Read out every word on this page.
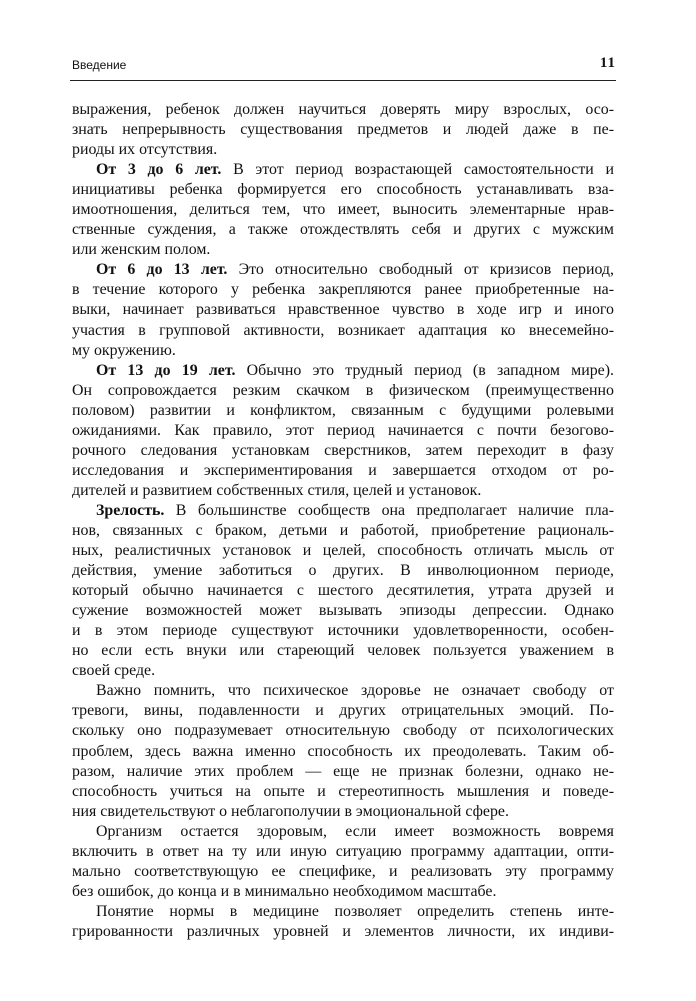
Введение	11
выражения, ребенок должен научиться доверять миру взрослых, осо-
знать непрерывность существования предметов и людей даже в пе-
риоды их отсутствия.
От 3 до 6 лет. В этот период возрастающей самостоятельности и
инициативы ребенка формируется его способность устанавливать вза-
имоотношения, делиться тем, что имеет, выносить элементарные нрав-
ственные суждения, а также отождествлять себя и других с мужским
или женским полом.
От 6 до 13 лет. Это относительно свободный от кризисов период,
в течение которого у ребенка закрепляются ранее приобретенные на-
выки, начинает развиваться нравственное чувство в ходе игр и иного
участия в групповой активности, возникает адаптация ко внесемейно-
му окружению.
От 13 до 19 лет. Обычно это трудный период (в западном мире).
Он сопровождается резким скачком в физическом (преимущественно
половом) развитии и конфликтом, связанным с будущими ролевыми
ожиданиями. Как правило, этот период начинается с почти безогово-
рочного следования установкам сверстников, затем переходит в фазу
исследования и экспериментирования и завершается отходом от ро-
дителей и развитием собственных стиля, целей и установок.
Зрелость. В большинстве сообществ она предполагает наличие пла-
нов, связанных с браком, детьми и работой, приобретение рациональ-
ных, реалистичных установок и целей, способность отличать мысль от
действия, умение заботиться о других. В инволюционном периоде,
который обычно начинается с шестого десятилетия, утрата друзей и
сужение возможностей может вызывать эпизоды депрессии. Однако
и в этом периоде существуют источники удовлетворенности, особен-
но если есть внуки или стареющий человек пользуется уважением в
своей среде.
Важно помнить, что психическое здоровье не означает свободу от
тревоги, вины, подавленности и других отрицательных эмоций. По-
скольку оно подразумевает относительную свободу от психологических
проблем, здесь важна именно способность их преодолевать. Таким об-
разом, наличие этих проблем — еще не признак болезни, однако не-
способность учиться на опыте и стереотипность мышления и поведе-
ния свидетельствуют о неблагополучии в эмоциональной сфере.
Организм остается здоровым, если имеет возможность вовремя
включить в ответ на ту или иную ситуацию программу адаптации, опти-
мально соответствующую ее специфике, и реализовать эту программу
без ошибок, до конца и в минимально необходимом масштабе.
Понятие нормы в медицине позволяет определить степень инте-
грированности различных уровней и элементов личности, их индиви-
